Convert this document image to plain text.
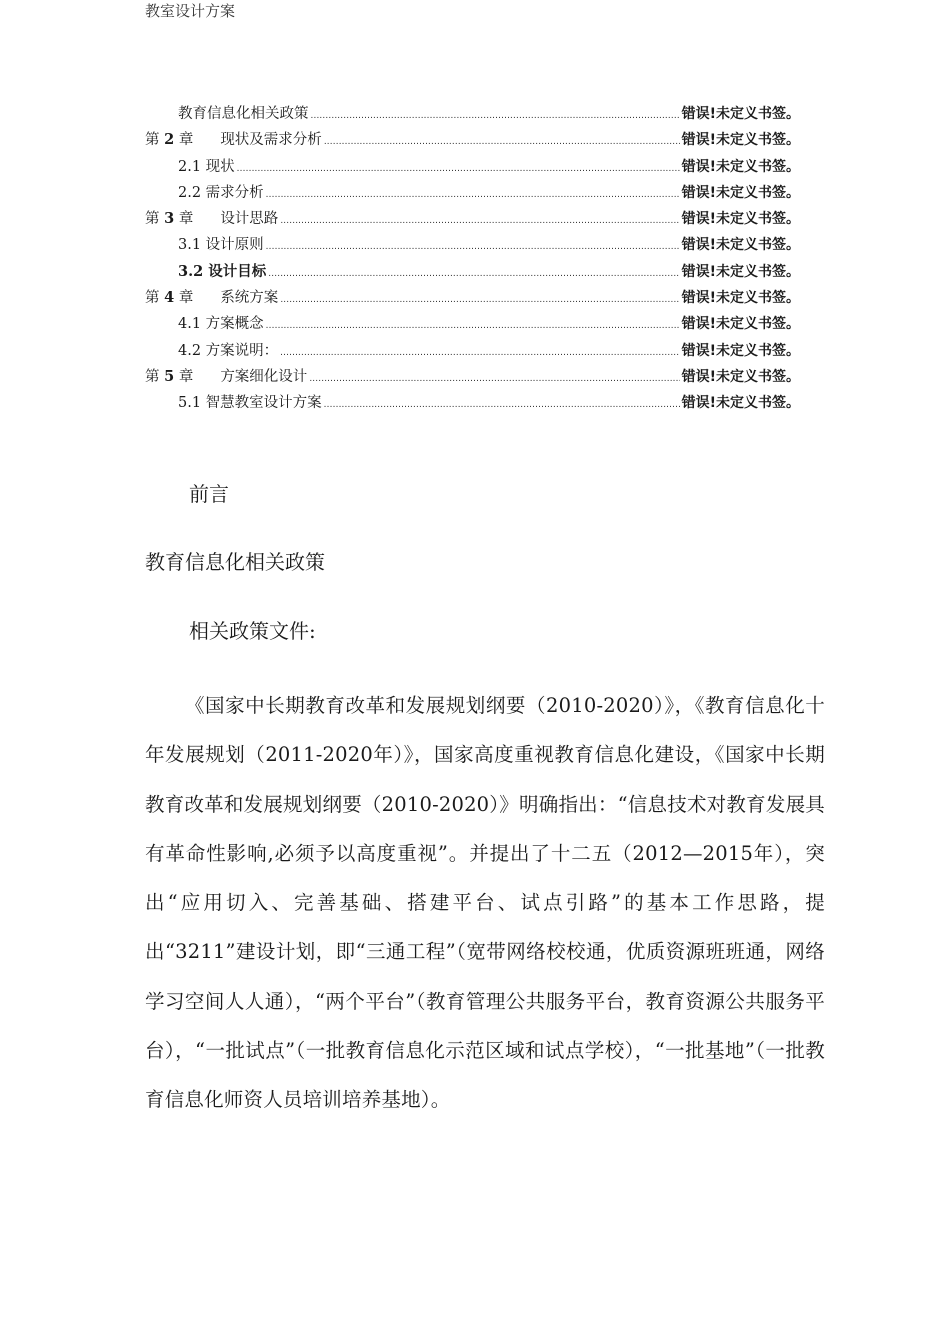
教室设计方案
教育信息化相关政策 .....	错误!未定义书签。
第 2 章	现状及需求分析 .....	错误!未定义书签。
2.1 现状 .....	错误!未定义书签。
2.2 需求分析 .....	错误!未定义书签。
第 3 章	设计思路 .....	错误!未定义书签。
3.1 设计原则 .....	错误!未定义书签。
3.2 设计目标 .....	错误!未定义书签。
第 4 章	系统方案 .....	错误!未定义书签。
4.1 方案概念 .....	错误!未定义书签。
4.2 方案说明： .....	错误!未定义书签。
第 5 章	方案细化设计 .....	错误!未定义书签。
5.1 智慧教室设计方案 .....	错误!未定义书签。
前言
教育信息化相关政策
相关政策文件:
《国家中长期教育改革和发展规划纲要（2010-2020）》，《教育信息化十年发展规划（2011-2020年）》，国家高度重视教育信息化建设，《国家中长期教育改革和发展规划纲要（2010-2020）》明确指出：“信息技术对教育发展具有革命性影响,必须予以高度重视”。并提出了十二五（2012—2015年），突出“应用切入、完善基础、搭建平台、试点引路”的基本工作思路，提出“3211”建设计划，即“三通工程”（宽带网络校校通，优质资源班班通，网络学习空间人人通），“两个平台”（教育管理公共服务平台，教育资源公共服务平台），“一批试点”（一批教育信息化示范区域和试点学校），“一批基地”（一批教育信息化师资人员培训培养基地）。
